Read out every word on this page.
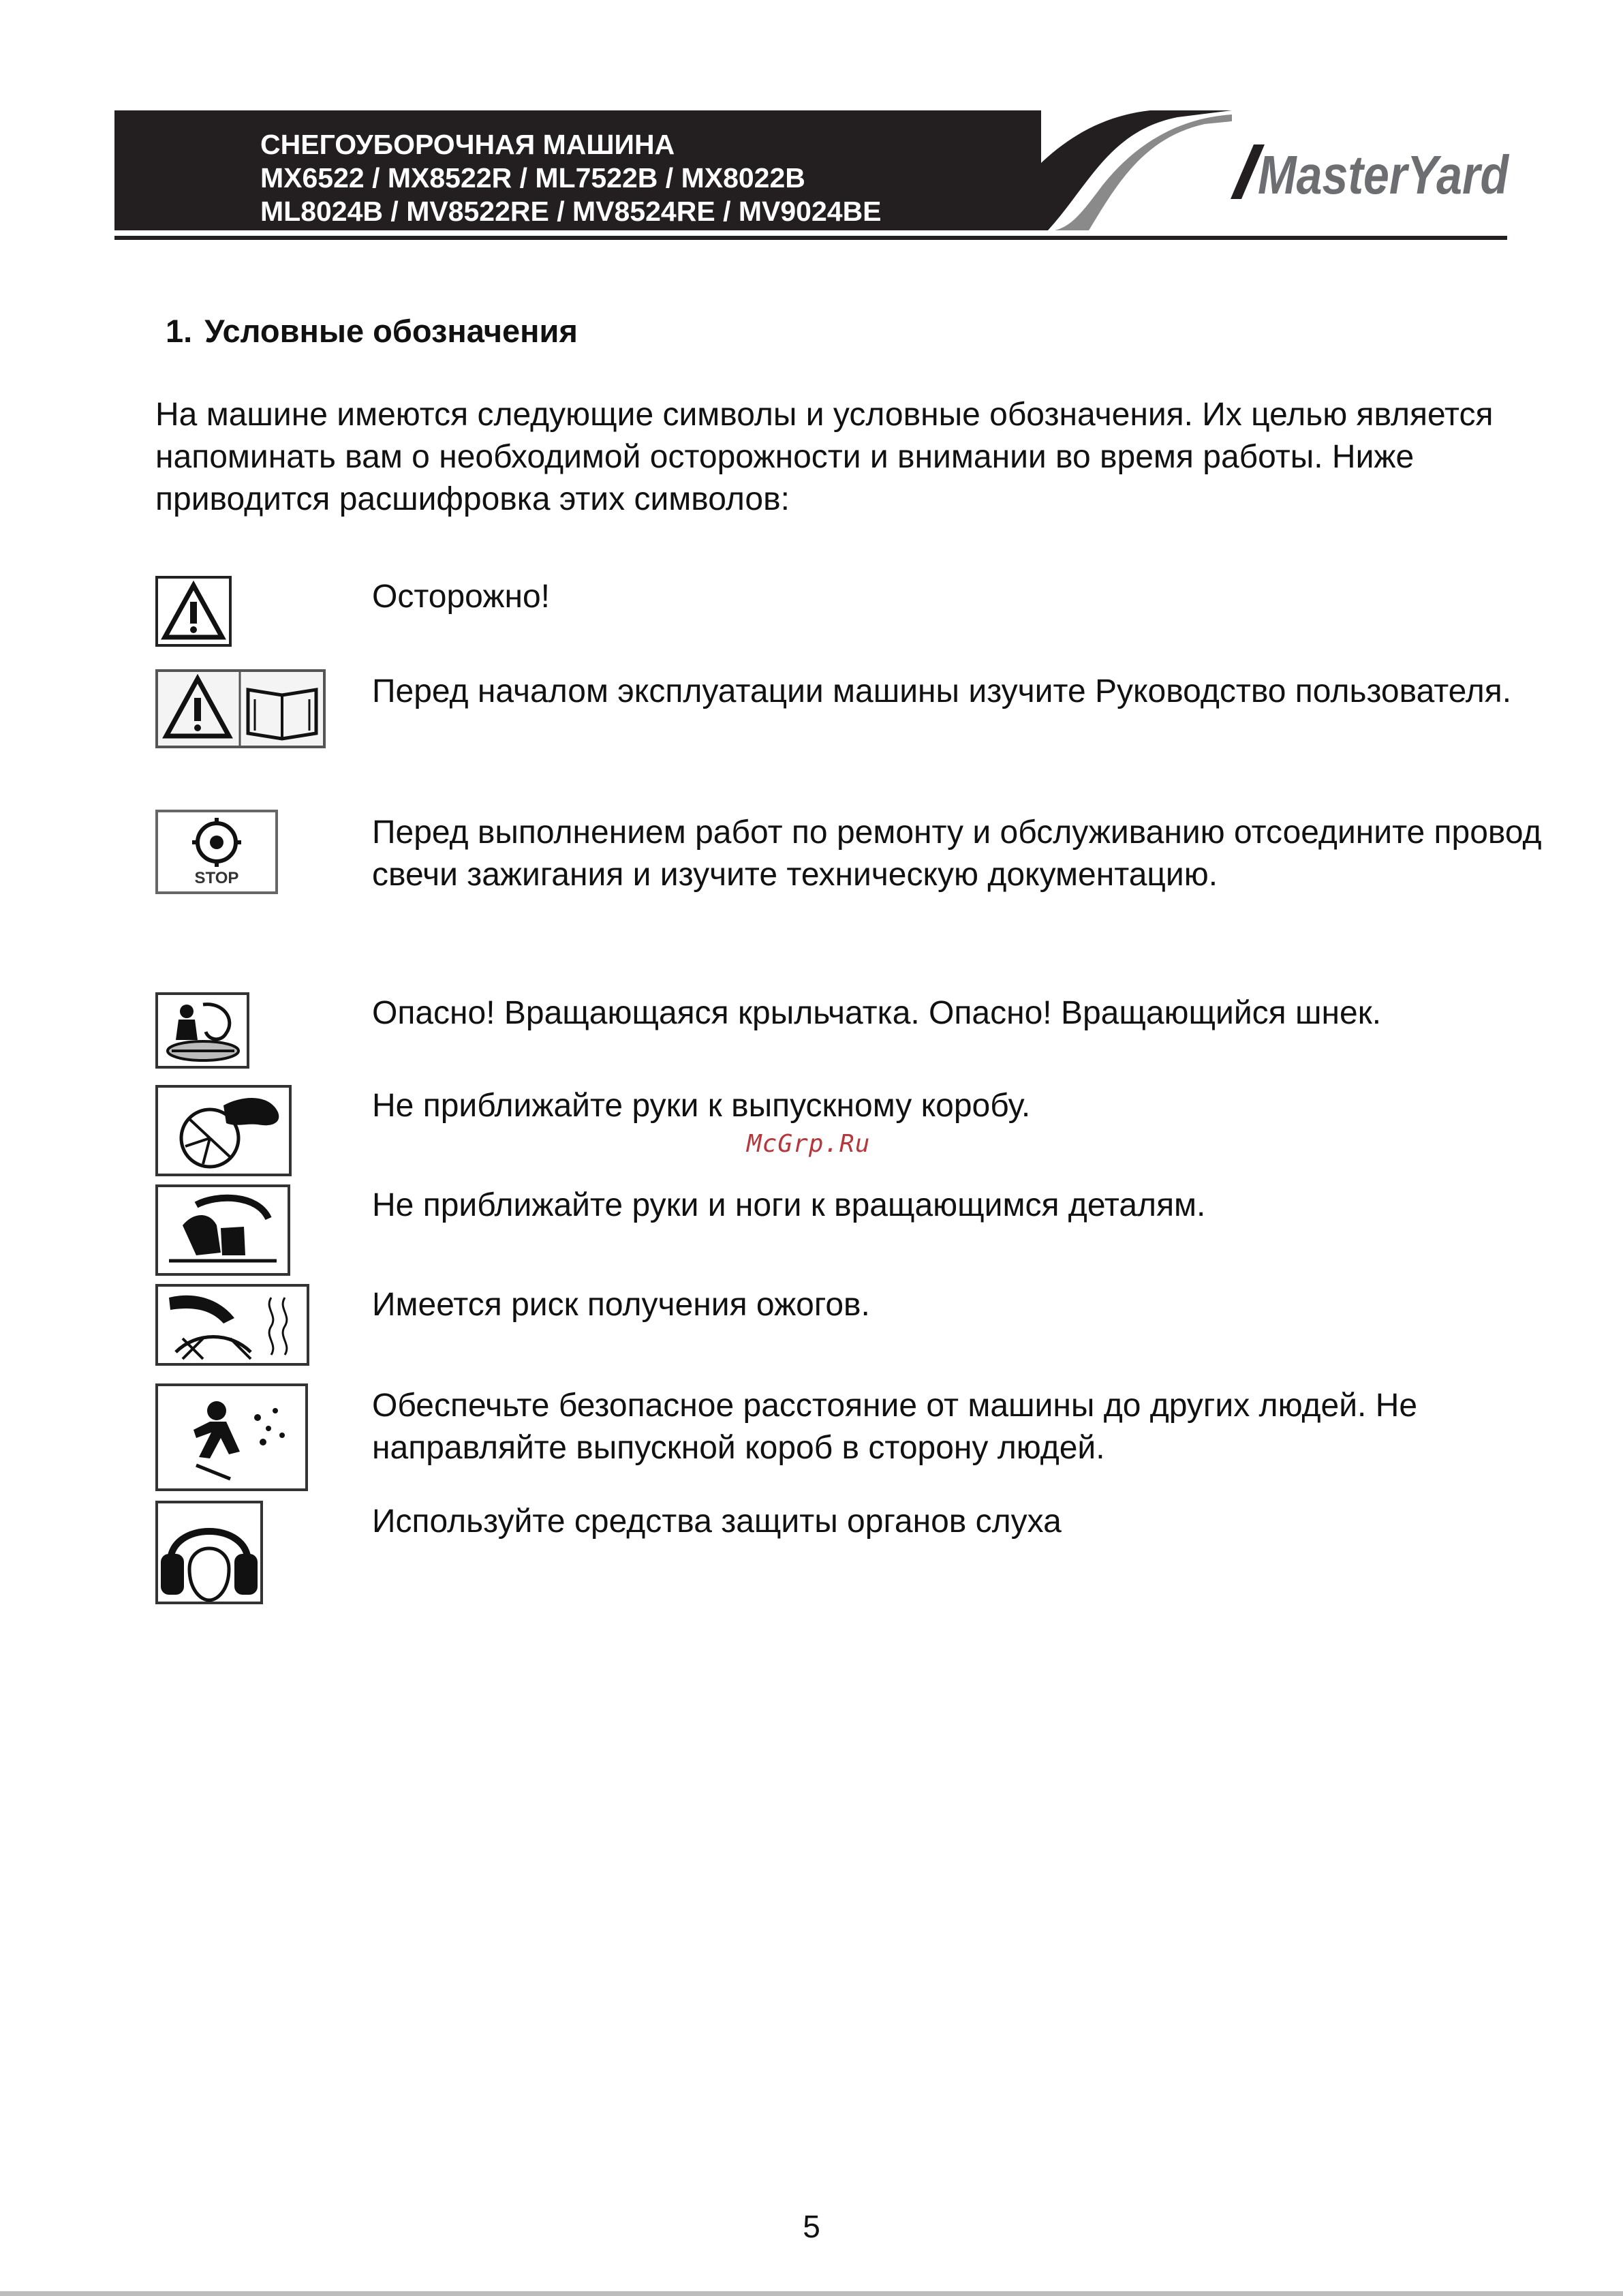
СНЕГОУБОРОЧНАЯ МАШИНА
MX6522 / MX8522R / ML7522B / MX8022B
ML8024B / MV8522RE / MV8524RE / MV9024BE
MasterYard
1. Условные обозначения
На машине имеются следующие символы и условные обозначения. Их целью является напоминать вам о необходимой осторожности и внимании во время работы. Ниже приводится расшифровка этих символов:
Осторожно!
Перед началом эксплуатации машины изучите Руководство пользователя.
STOP
Перед выполнением работ по ремонту и обслуживанию отсоедините провод свечи зажигания и изучите техническую документацию.
Опасно! Вращающаяся крыльчатка. Опасно! Вращающийся шнек.
Не приближайте руки к выпускному коробу.
Не приближайте руки и ноги к вращающимся деталям.
Имеется риск получения ожогов.
Обеспечьте безопасное расстояние от машины до других людей. Не направляйте выпускной короб в сторону людей.
Используйте средства защиты органов слуха
McGrp.Ru
5
